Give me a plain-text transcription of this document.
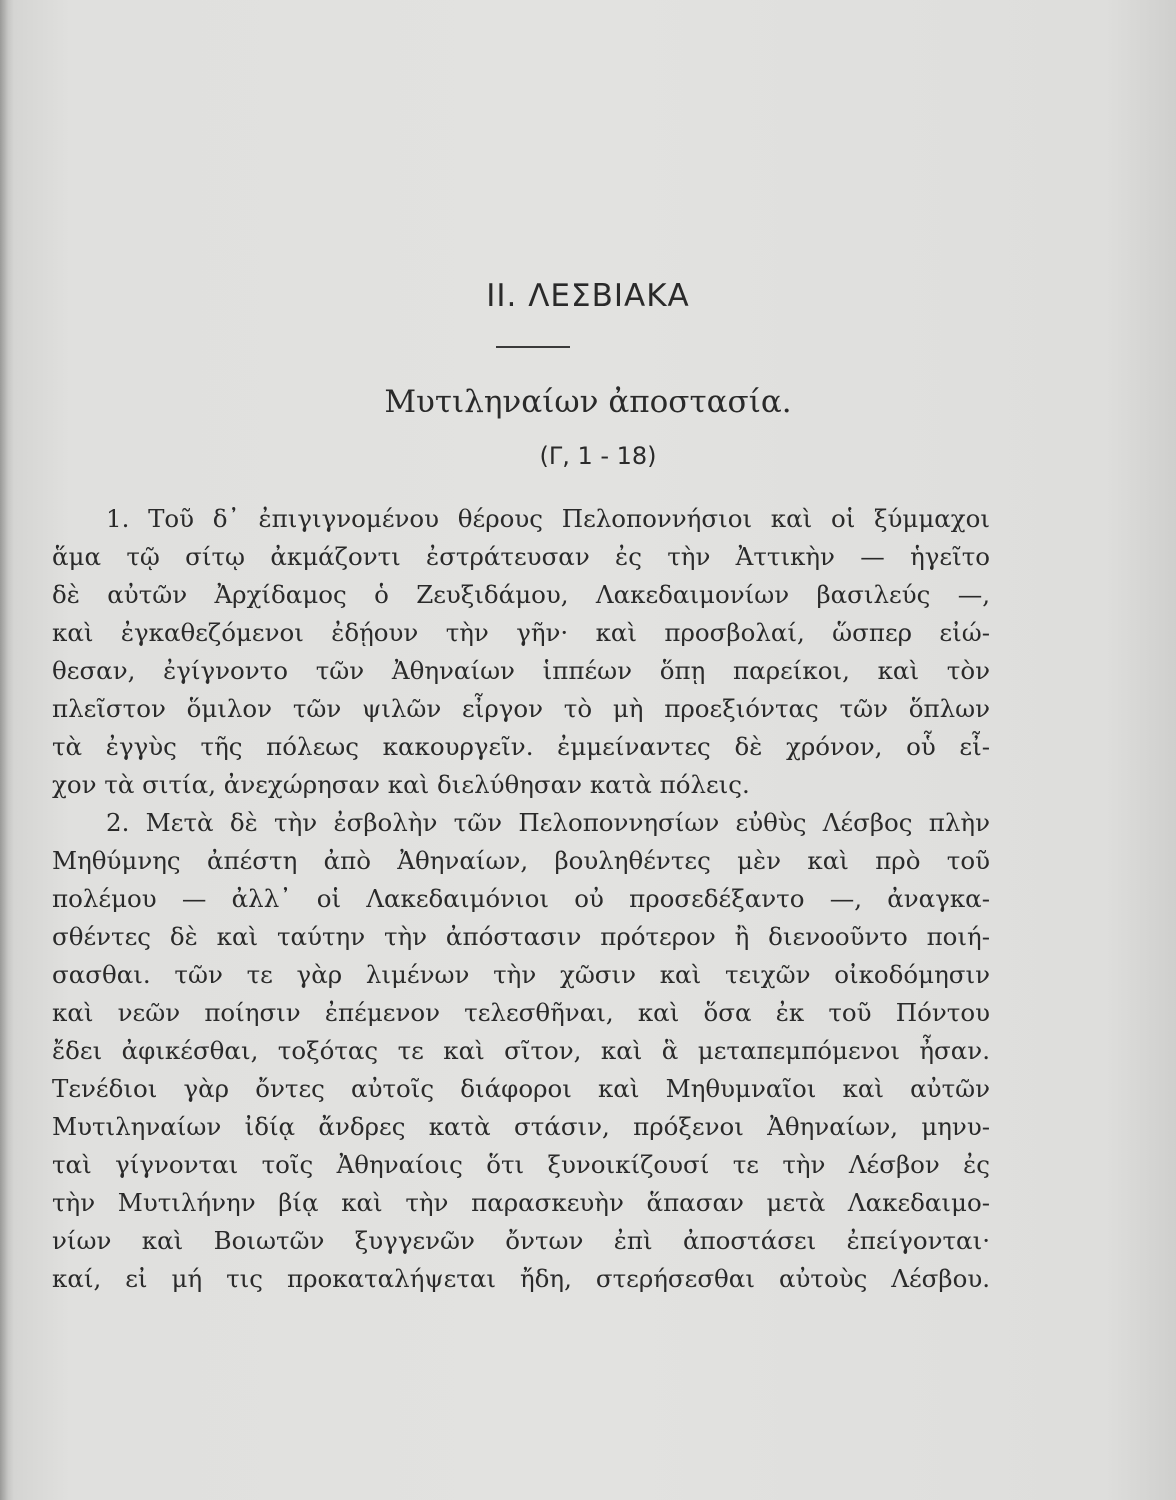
II. ΛΕΣΒΙΑΚΑ
Μυτιληναίων ἀποστασία.
(Γ, 1 - 18)
1. Τοῦ δ᾽ ἐπιγιγνομένου θέρους Πελοποννήσιοι καὶ οἱ ξύμμαχοι
ἅμα τῷ σίτῳ ἀκμάζοντι ἐστράτευσαν ἐς τὴν Ἀττικὴν — ἡγεῖτο
δὲ αὐτῶν Ἀρχίδαμος ὁ Ζευξιδάμου, Λακεδαιμονίων βασιλεύς —,
καὶ ἐγκαθεζόμενοι ἐδῄουν τὴν γῆν· καὶ προσβολαί, ὥσπερ εἰώ-
θεσαν, ἐγίγνοντο τῶν Ἀθηναίων ἱππέων ὅπῃ παρείκοι, καὶ τὸν
πλεῖστον ὅμιλον τῶν ψιλῶν εἶργον τὸ μὴ προεξιόντας τῶν ὅπλων
τὰ ἐγγὺς τῆς πόλεως κακουργεῖν. ἐμμείναντες δὲ χρόνον, οὗ εἶ-
χον τὰ σιτία, ἀνεχώρησαν καὶ διελύθησαν κατὰ πόλεις.
2. Μετὰ δὲ τὴν ἐσβολὴν τῶν Πελοποννησίων εὐθὺς Λέσβος πλὴν
Μηθύμνης ἀπέστη ἀπὸ Ἀθηναίων, βουληθέντες μὲν καὶ πρὸ τοῦ
πολέμου — ἀλλ᾽ οἱ Λακεδαιμόνιοι οὐ προσεδέξαντο —, ἀναγκα-
σθέντες δὲ καὶ ταύτην τὴν ἀπόστασιν πρότερον ἢ διενοοῦντο ποιή-
σασθαι. τῶν τε γὰρ λιμένων τὴν χῶσιν καὶ τειχῶν οἰκοδόμησιν
καὶ νεῶν ποίησιν ἐπέμενον τελεσθῆναι, καὶ ὅσα ἐκ τοῦ Πόντου
ἔδει ἀφικέσθαι, τοξότας τε καὶ σῖτον, καὶ ἃ μεταπεμπόμενοι ἦσαν.
Τενέδιοι γὰρ ὄντες αὐτοῖς διάφοροι καὶ Μηθυμναῖοι καὶ αὐτῶν
Μυτιληναίων ἰδίᾳ ἄνδρες κατὰ στάσιν, πρόξενοι Ἀθηναίων, μηνυ-
ταὶ γίγνονται τοῖς Ἀθηναίοις ὅτι ξυνοικίζουσί τε τὴν Λέσβον ἐς
τὴν Μυτιλήνην βίᾳ καὶ τὴν παρασκευὴν ἅπασαν μετὰ Λακεδαιμο-
νίων καὶ Βοιωτῶν ξυγγενῶν ὄντων ἐπὶ ἀποστάσει ἐπείγονται·
καί, εἰ μή τις προκαταλήψεται ἤδη, στερήσεσθαι αὐτοὺς Λέσβου.
